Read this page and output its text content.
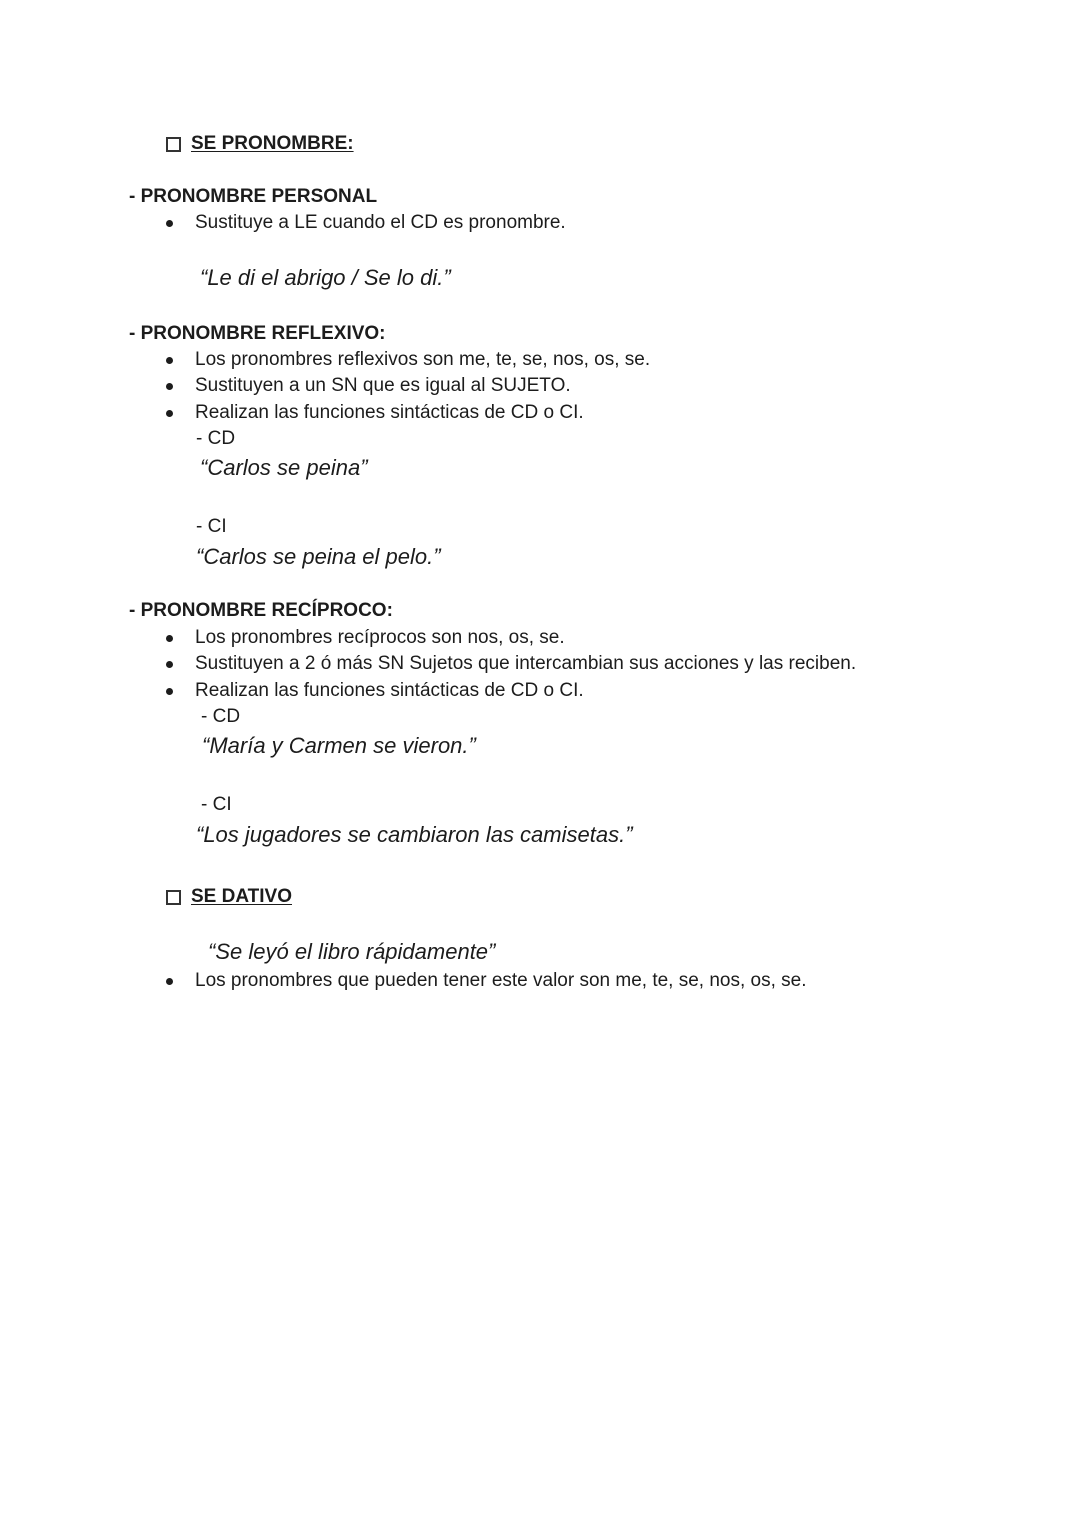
SE PRONOMBRE:
- PRONOMBRE PERSONAL
Sustituye a LE cuando el CD es pronombre.
“Le di el abrigo / Se lo di.”
- PRONOMBRE REFLEXIVO:
Los pronombres reflexivos son me, te, se, nos, os, se.
Sustituyen a un SN que es igual al SUJETO.
Realizan las funciones sintácticas de CD o CI.
- CD
“Carlos se peina”
- CI
“Carlos se peina el pelo.”
- PRONOMBRE RECÍPROCO:
Los pronombres recíprocos son nos, os, se.
Sustituyen a 2 ó más SN Sujetos que intercambian sus acciones y las reciben.
Realizan las funciones sintácticas de CD o CI.
- CD
“María y Carmen se vieron.”
- CI
“Los jugadores se cambiaron las camisetas.”
SE DATIVO
“Se leyó el libro rápidamente”
Los pronombres que pueden tener este valor son me, te, se, nos, os, se.
